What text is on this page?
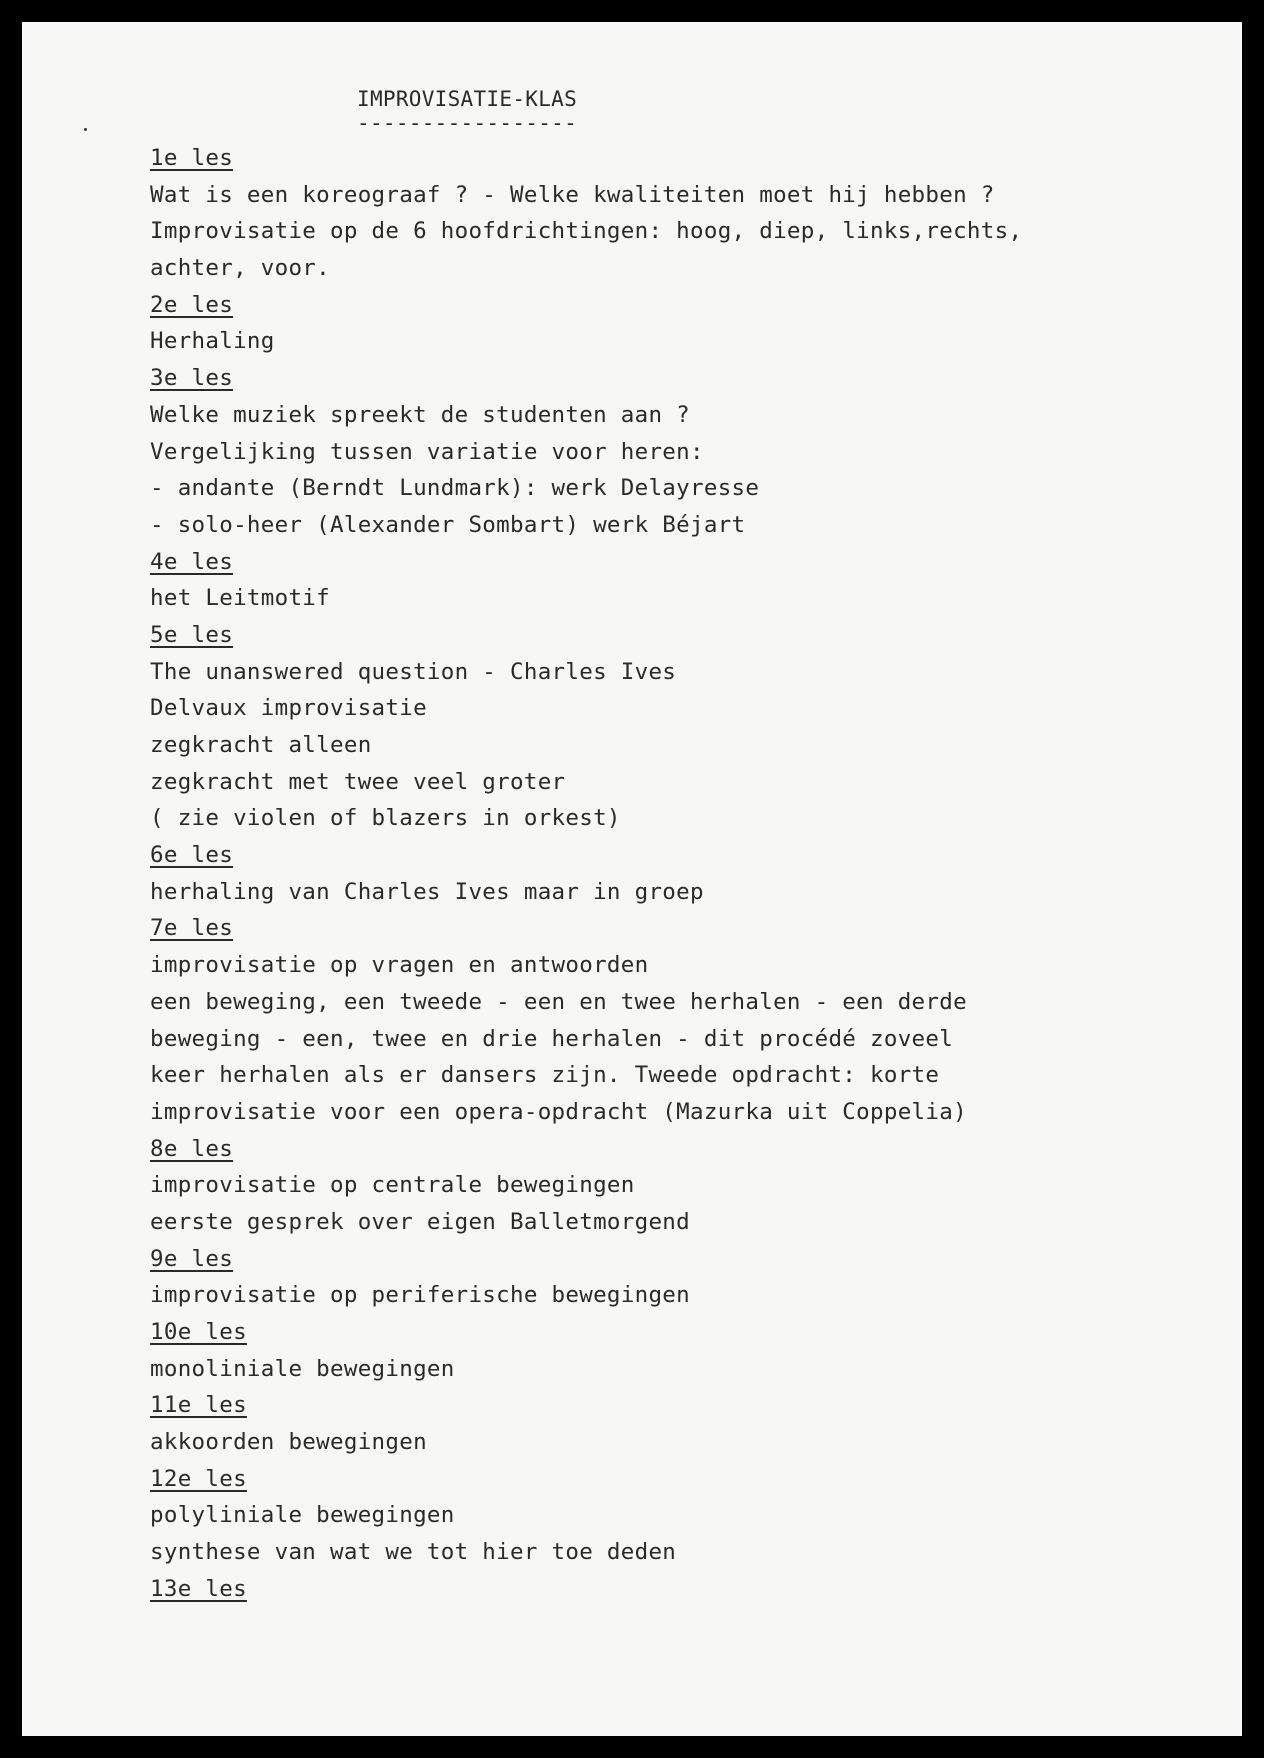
IMPROVISATIE-KLAS
-----------------
1e les
Wat is een koreograaf ? - Welke kwaliteiten moet hij hebben ?
Improvisatie op de 6 hoofdrichtingen: hoog, diep, links,rechts,
achter, voor.
2e les
Herhaling
3e les
Welke muziek spreekt de studenten aan ?
Vergelijking tussen variatie voor heren:
- andante (Berndt Lundmark): werk Delayresse
- solo-heer (Alexander Sombart) werk Béjart
4e les
het Leitmotif
5e les
The unanswered question - Charles Ives
Delvaux improvisatie
zegkracht alleen
zegkracht met twee veel groter
( zie violen of blazers in orkest)
6e les
herhaling van Charles Ives maar in groep
7e les
improvisatie op vragen en antwoorden
een beweging, een tweede - een en twee herhalen - een derde
beweging - een, twee en drie herhalen - dit procédé zoveel
keer herhalen als er dansers zijn. Tweede opdracht: korte
improvisatie voor een opera-opdracht (Mazurka uit Coppelia)
8e les
improvisatie op centrale bewegingen
eerste gesprek over eigen Balletmorgend
9e les
improvisatie op periferische bewegingen
10e les
monoliniale bewegingen
11e les
akkoorden bewegingen
12e les
polyliniale bewegingen
synthese van wat we tot hier toe deden
13e les
